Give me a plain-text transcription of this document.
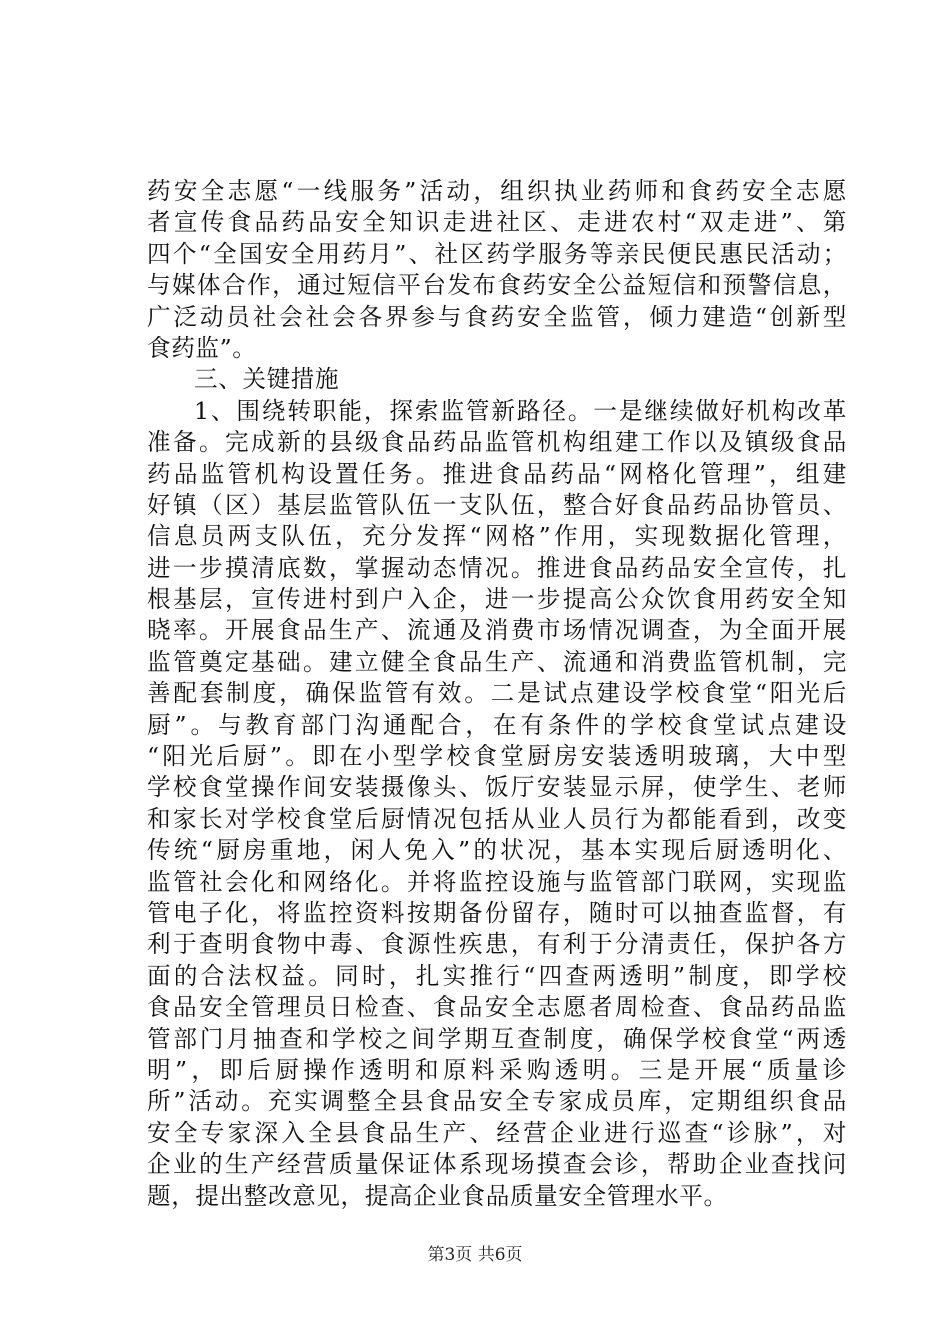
药安全志愿“一线服务”活动，组织执业药师和食药安全志愿
者宣传食品药品安全知识走进社区、走进农村“双走进”、第
四个“全国安全用药月”、社区药学服务等亲民便民惠民活动；
与媒体合作，通过短信平台发布食药安全公益短信和预警信息，
广泛动员社会社会各界参与食药安全监管，倾力建造“创新型
食药监”。
三、关键措施
1、围绕转职能，探索监管新路径。一是继续做好机构改革
准备。完成新的县级食品药品监管机构组建工作以及镇级食品
药品监管机构设置任务。推进食品药品“网格化管理”，组建
好镇（区）基层监管队伍一支队伍，整合好食品药品协管员、
信息员两支队伍，充分发挥“网格”作用，实现数据化管理，
进一步摸清底数，掌握动态情况。推进食品药品安全宣传，扎
根基层，宣传进村到户入企，进一步提高公众饮食用药安全知
晓率。开展食品生产、流通及消费市场情况调查，为全面开展
监管奠定基础。建立健全食品生产、流通和消费监管机制，完
善配套制度，确保监管有效。二是试点建设学校食堂“阳光后
厨”。与教育部门沟通配合，在有条件的学校食堂试点建设
“阳光后厨”。即在小型学校食堂厨房安装透明玻璃，大中型
学校食堂操作间安装摄像头、饭厅安装显示屏，使学生、老师
和家长对学校食堂后厨情况包括从业人员行为都能看到，改变
传统“厨房重地，闲人免入”的状况，基本实现后厨透明化、
监管社会化和网络化。并将监控设施与监管部门联网，实现监
管电子化，将监控资料按期备份留存，随时可以抽查监督，有
利于查明食物中毒、食源性疾患，有利于分清责任，保护各方
面的合法权益。同时，扎实推行“四查两透明”制度，即学校
食品安全管理员日检查、食品安全志愿者周检查、食品药品监
管部门月抽查和学校之间学期互查制度，确保学校食堂“两透
明”，即后厨操作透明和原料采购透明。三是开展“质量诊
所”活动。充实调整全县食品安全专家成员库，定期组织食品
安全专家深入全县食品生产、经营企业进行巡查“诊脉”，对
企业的生产经营质量保证体系现场摸查会诊，帮助企业查找问
题，提出整改意见，提高企业食品质量安全管理水平。
第3页 共6页
